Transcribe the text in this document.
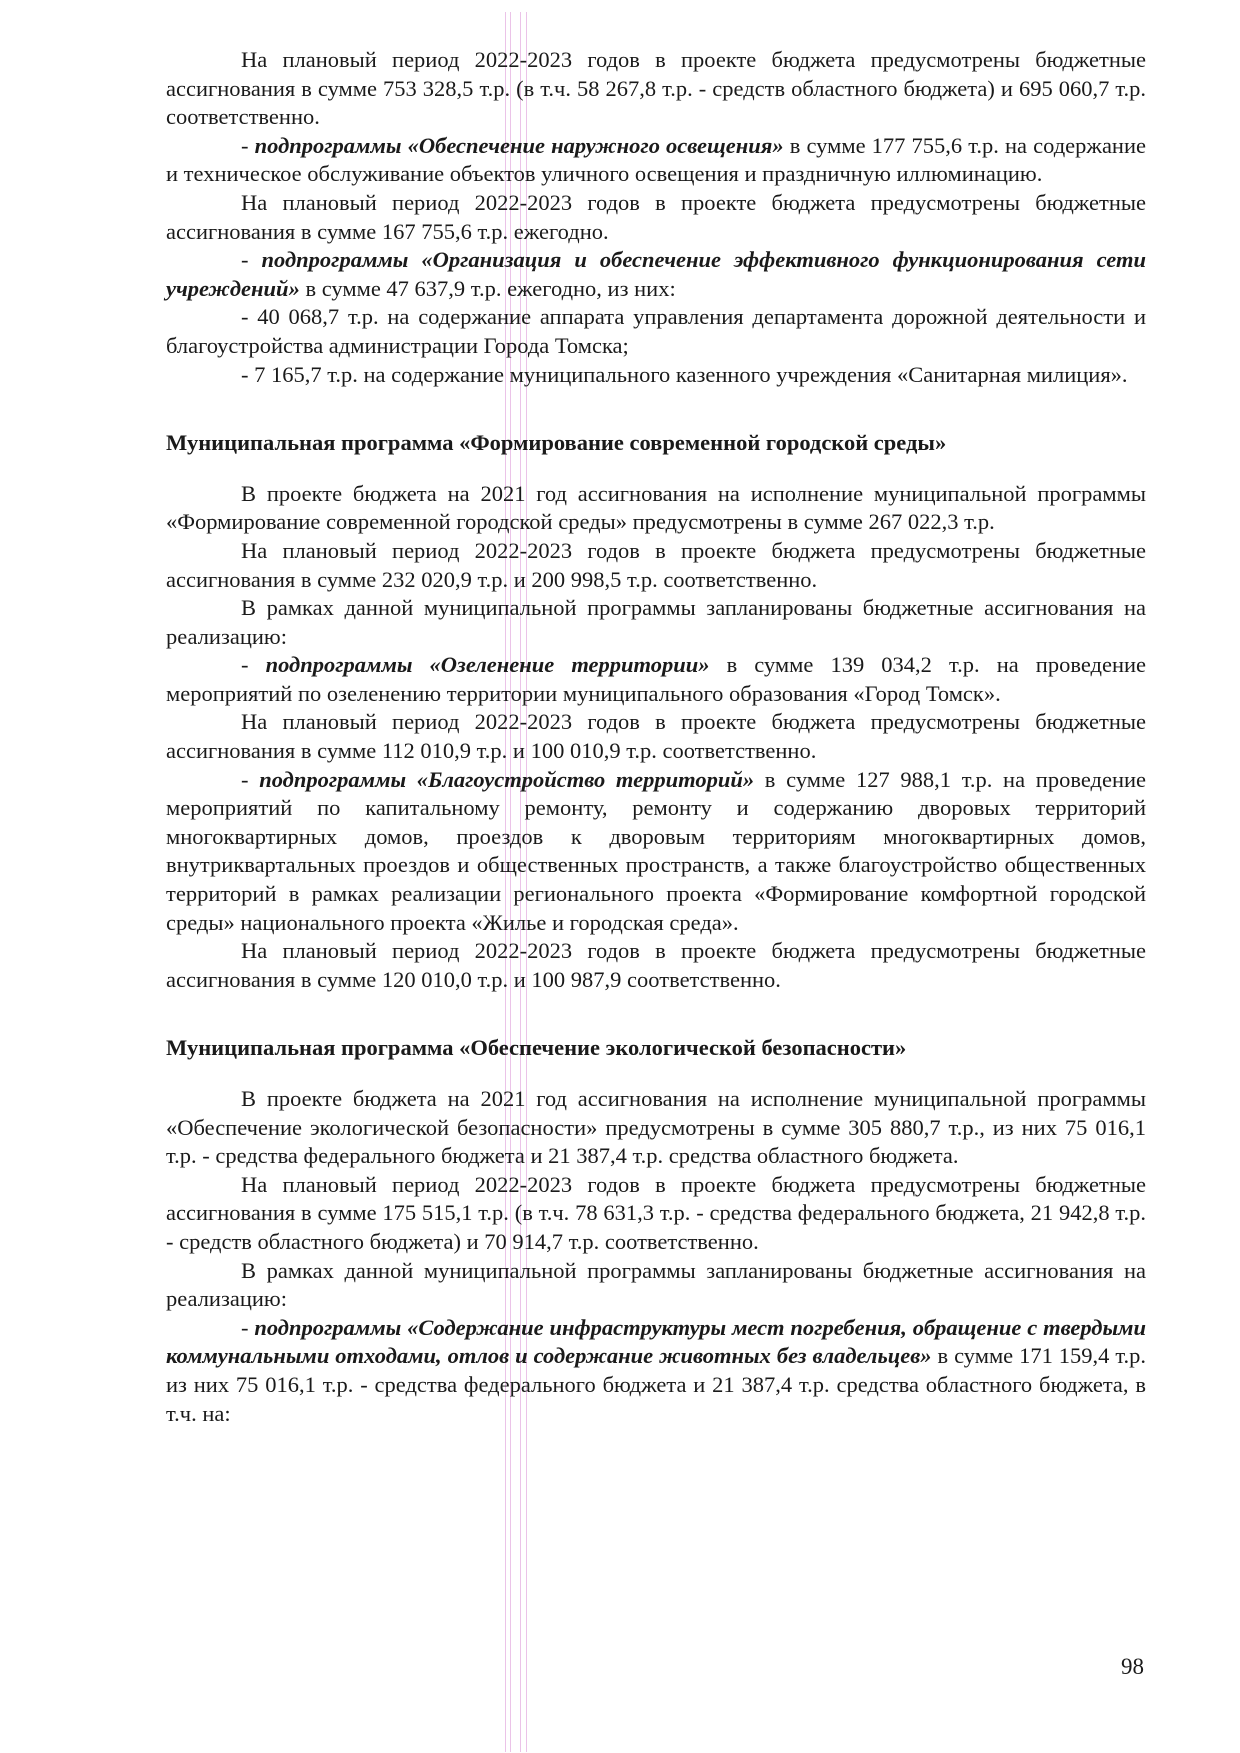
На плановый период 2022-2023 годов в проекте бюджета предусмотрены бюджетные ассигнования в сумме 753 328,5 т.р. (в т.ч. 58 267,8 т.р. - средств областного бюджета) и 695 060,7 т.р. соответственно.

- подпрограммы «Обеспечение наружного освещения» в сумме 177 755,6 т.р. на содержание и техническое обслуживание объектов уличного освещения и праздничную иллюминацию.

На плановый период 2022-2023 годов в проекте бюджета предусмотрены бюджетные ассигнования в сумме 167 755,6 т.р. ежегодно.

- подпрограммы «Организация и обеспечение эффективного функционирования сети учреждений» в сумме 47 637,9 т.р. ежегодно, из них:

- 40 068,7 т.р. на содержание аппарата управления департамента дорожной деятельности и благоустройства администрации Города Томска;

- 7 165,7 т.р. на содержание муниципального казенного учреждения «Санитарная милиция».

Муниципальная программа «Формирование современной городской среды»

В проекте бюджета на 2021 год ассигнования на исполнение муниципальной программы «Формирование современной городской среды» предусмотрены в сумме 267 022,3 т.р.

На плановый период 2022-2023 годов в проекте бюджета предусмотрены бюджетные ассигнования в сумме 232 020,9 т.р. и 200 998,5 т.р. соответственно.

В рамках данной муниципальной программы запланированы бюджетные ассигнования на реализацию:

- подпрограммы «Озеленение территории» в сумме 139 034,2 т.р. на проведение мероприятий по озеленению территории муниципального образования «Город Томск».

На плановый период 2022-2023 годов в проекте бюджета предусмотрены бюджетные ассигнования в сумме 112 010,9 т.р. и 100 010,9 т.р. соответственно.

- подпрограммы «Благоустройство территорий» в сумме 127 988,1 т.р. на проведение мероприятий по капитальному ремонту, ремонту и содержанию дворовых территорий многоквартирных домов, проездов к дворовым территориям многоквартирных домов, внутриквартальных проездов и общественных пространств, а также благоустройство общественных территорий в рамках реализации регионального проекта «Формирование комфортной городской среды» национального проекта «Жилье и городская среда».

На плановый период 2022-2023 годов в проекте бюджета предусмотрены бюджетные ассигнования в сумме 120 010,0 т.р. и 100 987,9 соответственно.

Муниципальная программа «Обеспечение экологической безопасности»

В проекте бюджета на 2021 год ассигнования на исполнение муниципальной программы «Обеспечение экологической безопасности» предусмотрены в сумме 305 880,7 т.р., из них 75 016,1 т.р. - средства федерального бюджета и 21 387,4 т.р. средства областного бюджета.

На плановый период 2022-2023 годов в проекте бюджета предусмотрены бюджетные ассигнования в сумме 175 515,1 т.р. (в т.ч. 78 631,3 т.р. - средства федерального бюджета, 21 942,8 т.р. - средств областного бюджета) и 70 914,7 т.р. соответственно.

В рамках данной муниципальной программы запланированы бюджетные ассигнования на реализацию:

- подпрограммы «Содержание инфраструктуры мест погребения, обращение с твердыми коммунальными отходами, отлов и содержание животных без владельцев» в сумме 171 159,4 т.р. из них 75 016,1 т.р. - средства федерального бюджета и 21 387,4 т.р. средства областного бюджета, в т.ч. на:

98
